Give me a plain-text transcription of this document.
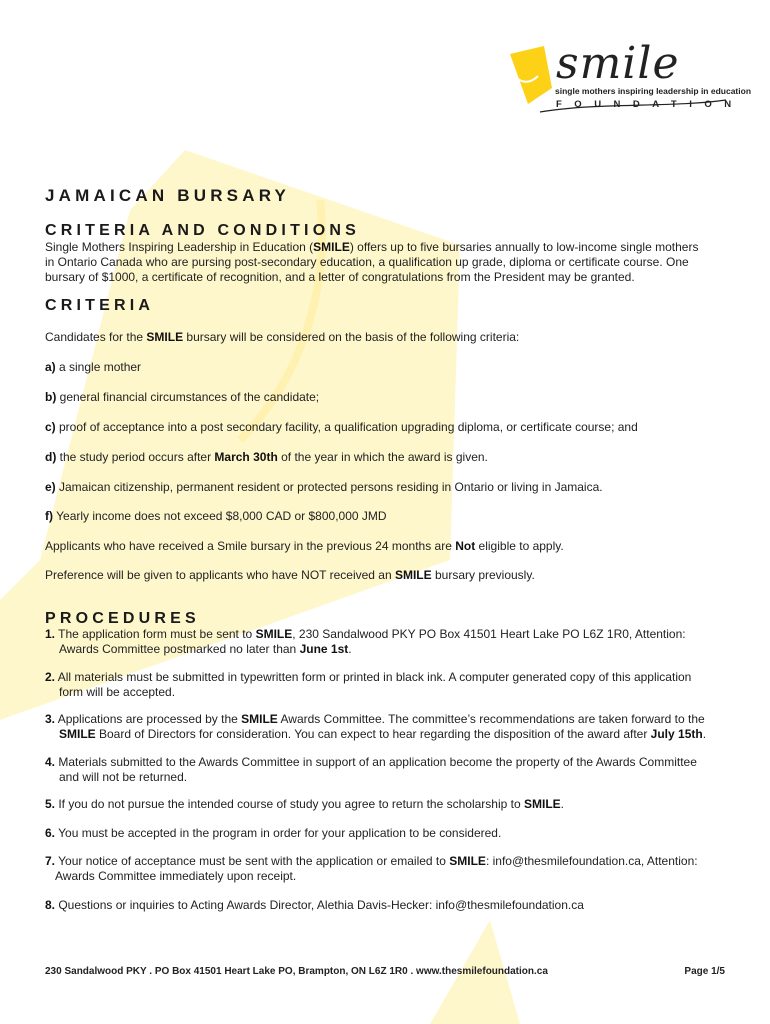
smile
single mothers inspiring leadership in education
FOUNDATION
JAMAICAN BURSARY
CRITERIA AND CONDITIONS
Single Mothers Inspiring Leadership in Education (SMILE) offers up to five bursaries annually to low-income single mothers
in Ontario Canada who are pursing post-secondary education, a qualification up grade, diploma or certificate course. One
bursary of $1000, a certificate of recognition, and a letter of congratulations from the President may be granted.
CRITERIA
Candidates for the SMILE bursary will be considered on the basis of the following criteria:
a) a single mother
b) general financial circumstances of the candidate;
c) proof of acceptance into a post secondary facility, a qualification upgrading diploma, or certificate course; and
d) the study period occurs after March 30th of the year in which the award is given.
e) Jamaican citizenship, permanent resident or protected persons residing in Ontario or living in Jamaica.
f) Yearly income does not exceed $8,000 CAD or $800,000 JMD
Applicants who have received a Smile bursary in the previous 24 months are Not eligible to apply.
Preference will be given to applicants who have NOT received an SMILE bursary previously.
PROCEDURES
1. The application form must be sent to SMILE, 230 Sandalwood PKY PO Box 41501 Heart Lake PO L6Z 1R0, Attention:
Awards Committee postmarked no later than June 1st.
2. All materials must be submitted in typewritten form or printed in black ink. A computer generated copy of this application
form will be accepted.
3. Applications are processed by the SMILE Awards Committee. The committee’s recommendations are taken forward to the
SMILE Board of Directors for consideration. You can expect to hear regarding the disposition of the award after July 15th.
4. Materials submitted to the Awards Committee in support of an application become the property of the Awards Committee
and will not be returned.
5. If you do not pursue the intended course of study you agree to return the scholarship to SMILE.
6. You must be accepted in the program in order for your application to be considered.
7. Your notice of acceptance must be sent with the application or emailed to SMILE: info@thesmilefoundation.ca, Attention:
Awards Committee immediately upon receipt.
8. Questions or inquiries to Acting Awards Director, Alethia Davis-Hecker: info@thesmilefoundation.ca
230 Sandalwood PKY . PO Box 41501 Heart Lake PO, Brampton, ON L6Z 1R0 . www.thesmilefoundation.ca	Page 1/5
